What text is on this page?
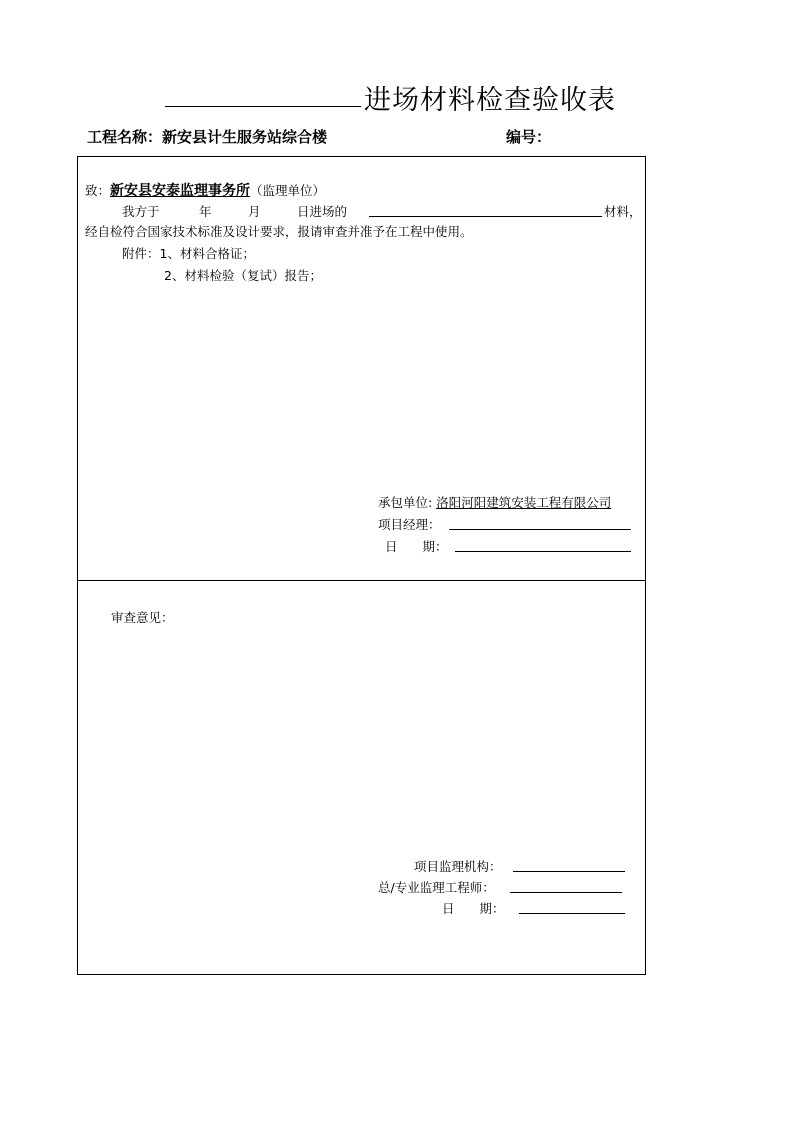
进场材料检查验收表
工程名称：新安县计生服务站综合楼	编号：
致：新安县安泰监理事务所（监理单位）
我方于	年	月	日进场的	材料，
经自检符合国家技术标准及设计要求，报请审查并准予在工程中使用。
附件：1、材料合格证；
2、材料检验（复试）报告；
承包单位: 洛阳河阳建筑安装工程有限公司
项目经理：
日　　期：
审查意见：
项目监理机构：
总/专业监理工程师：
日　　期：
